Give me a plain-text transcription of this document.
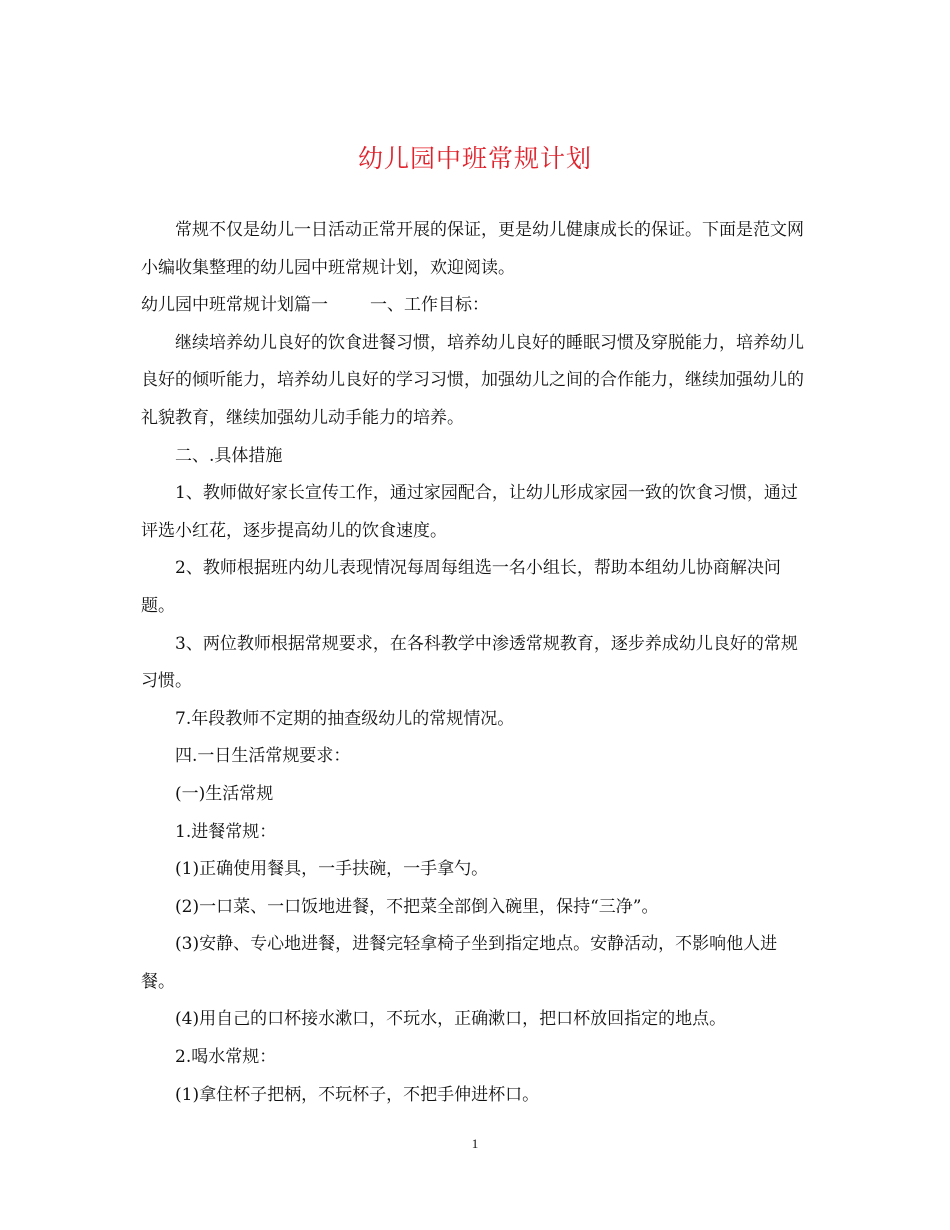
幼儿园中班常规计划

常规不仅是幼儿一日活动正常开展的保证，更是幼儿健康成长的保证。下面是范文网小编收集整理的幼儿园中班常规计划，欢迎阅读。

幼儿园中班常规计划篇一 一、工作目标：

继续培养幼儿良好的饮食进餐习惯，培养幼儿良好的睡眠习惯及穿脱能力，培养幼儿良好的倾听能力，培养幼儿良好的学习习惯，加强幼儿之间的合作能力，继续加强幼儿的礼貌教育，继续加强幼儿动手能力的培养。

二、.具体措施

1、教师做好家长宣传工作，通过家园配合，让幼儿形成家园一致的饮食习惯，通过评选小红花，逐步提高幼儿的饮食速度。

2、教师根据班内幼儿表现情况每周每组选一名小组长，帮助本组幼儿协商解决问题。

3、两位教师根据常规要求，在各科教学中渗透常规教育，逐步养成幼儿良好的常规习惯。

7.年段教师不定期的抽查级幼儿的常规情况。

四.一日生活常规要求：

(一)生活常规

1.进餐常规：

(1)正确使用餐具，一手扶碗，一手拿勺。

(2)一口菜、一口饭地进餐，不把菜全部倒入碗里，保持“三净”。

(3)安静、专心地进餐，进餐完轻拿椅子坐到指定地点。安静活动，不影响他人进餐。

(4)用自己的口杯接水漱口，不玩水，正确漱口，把口杯放回指定的地点。

2.喝水常规：

(1)拿住杯子把柄，不玩杯子，不把手伸进杯口。

1
